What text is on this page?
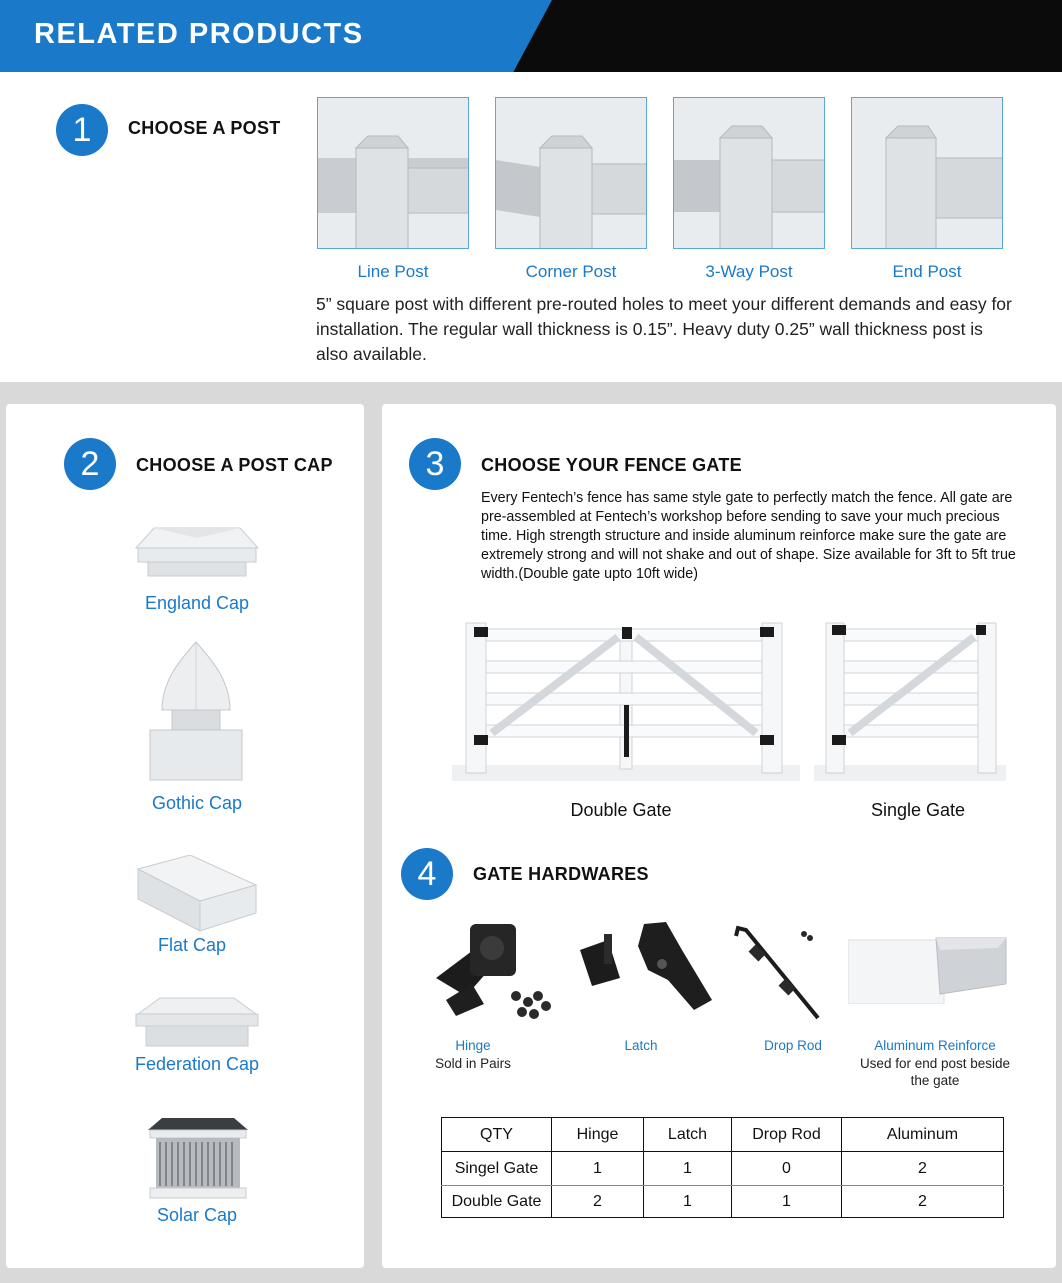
RELATED PRODUCTS
1	CHOOSE A POST
Line Post	Corner Post	3-Way Post	End Post
5” square post with different pre-routed holes to meet your different demands and easy for installation. The regular wall thickness is 0.15”. Heavy duty 0.25” wall thickness post is also available.
2	CHOOSE A POST CAP
England Cap
Gothic Cap
Flat Cap
Federation Cap
Solar Cap
3	CHOOSE YOUR FENCE GATE
Every Fentech’s fence has same style gate to perfectly match the fence. All gate are pre-assembled at Fentech’s workshop before sending to save your much precious time. High strength structure and inside aluminum reinforce make sure the gate are extremely strong and will not shake and out of shape. Size available for 3ft to 5ft true width.(Double gate upto 10ft wide)
Double Gate	Single Gate
4	GATE HARDWARES
Hinge
Sold in Pairs
Latch	Drop Rod	Aluminum Reinforce
Used for end post beside the gate
QTY	Hinge	Latch	Drop Rod	Aluminum
Singel Gate	1	1	0	2
Double Gate	2	1	1	2
